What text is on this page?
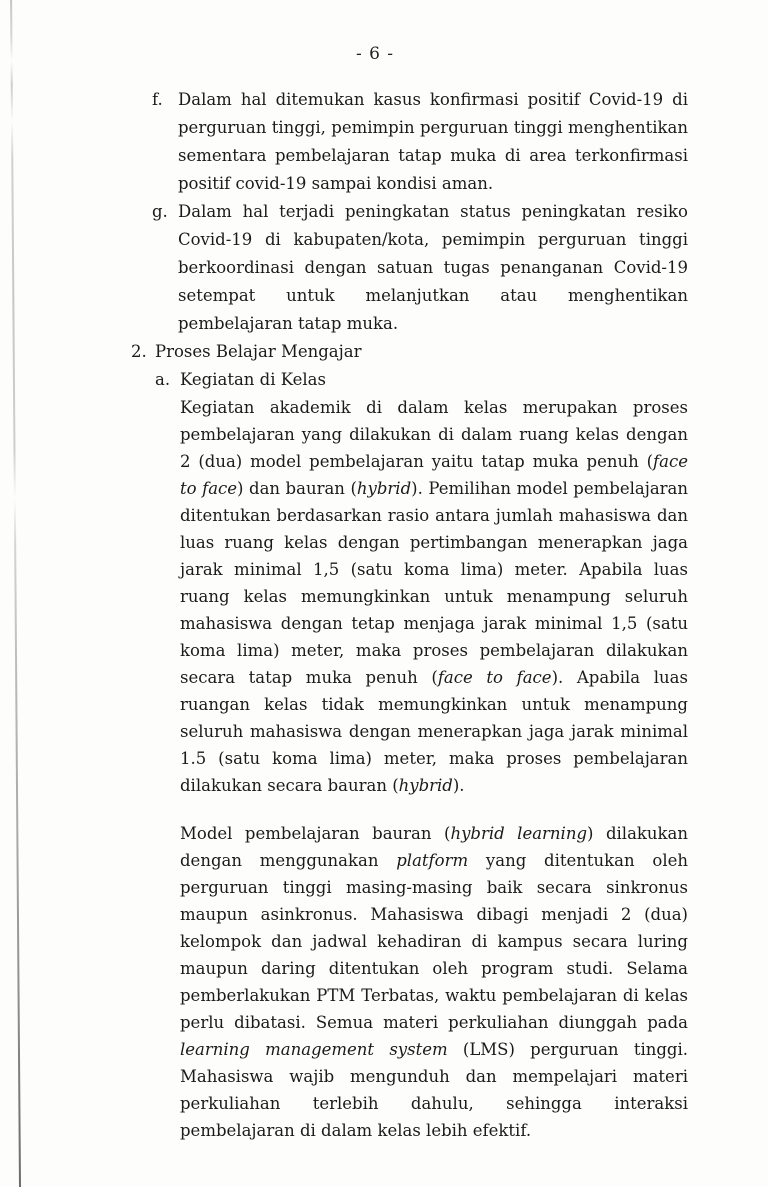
- 6 -
f. Dalam hal ditemukan kasus konfirmasi positif Covid-19 di perguruan tinggi, pemimpin perguruan tinggi menghentikan sementara pembelajaran tatap muka di area terkonfirmasi positif covid-19 sampai kondisi aman.

g. Dalam hal terjadi peningkatan status peningkatan resiko Covid-19 di kabupaten/kota, pemimpin perguruan tinggi berkoordinasi dengan satuan tugas penanganan Covid-19 setempat untuk melanjutkan atau menghentikan pembelajaran tatap muka.

2. Proses Belajar Mengajar

a. Kegiatan di Kelas

Kegiatan akademik di dalam kelas merupakan proses pembelajaran yang dilakukan di dalam ruang kelas dengan 2 (dua) model pembelajaran yaitu tatap muka penuh (face to face) dan bauran (hybrid). Pemilihan model pembelajaran ditentukan berdasarkan rasio antara jumlah mahasiswa dan luas ruang kelas dengan pertimbangan menerapkan jaga jarak minimal 1,5 (satu koma lima) meter. Apabila luas ruang kelas memungkinkan untuk menampung seluruh mahasiswa dengan tetap menjaga jarak minimal 1,5 (satu koma lima) meter, maka proses pembelajaran dilakukan secara tatap muka penuh (face to face). Apabila luas ruangan kelas tidak memungkinkan untuk menampung seluruh mahasiswa dengan menerapkan jaga jarak minimal 1.5 (satu koma lima) meter, maka proses pembelajaran dilakukan secara bauran (hybrid).

Model pembelajaran bauran (hybrid learning) dilakukan dengan menggunakan platform yang ditentukan oleh perguruan tinggi masing-masing baik secara sinkronus maupun asinkronus. Mahasiswa dibagi menjadi 2 (dua) kelompok dan jadwal kehadiran di kampus secara luring maupun daring ditentukan oleh program studi. Selama pemberlakukan PTM Terbatas, waktu pembelajaran di kelas perlu dibatasi. Semua materi perkuliahan diunggah pada learning management system (LMS) perguruan tinggi. Mahasiswa wajib mengunduh dan mempelajari materi perkuliahan terlebih dahulu, sehingga interaksi pembelajaran di dalam kelas lebih efektif.
